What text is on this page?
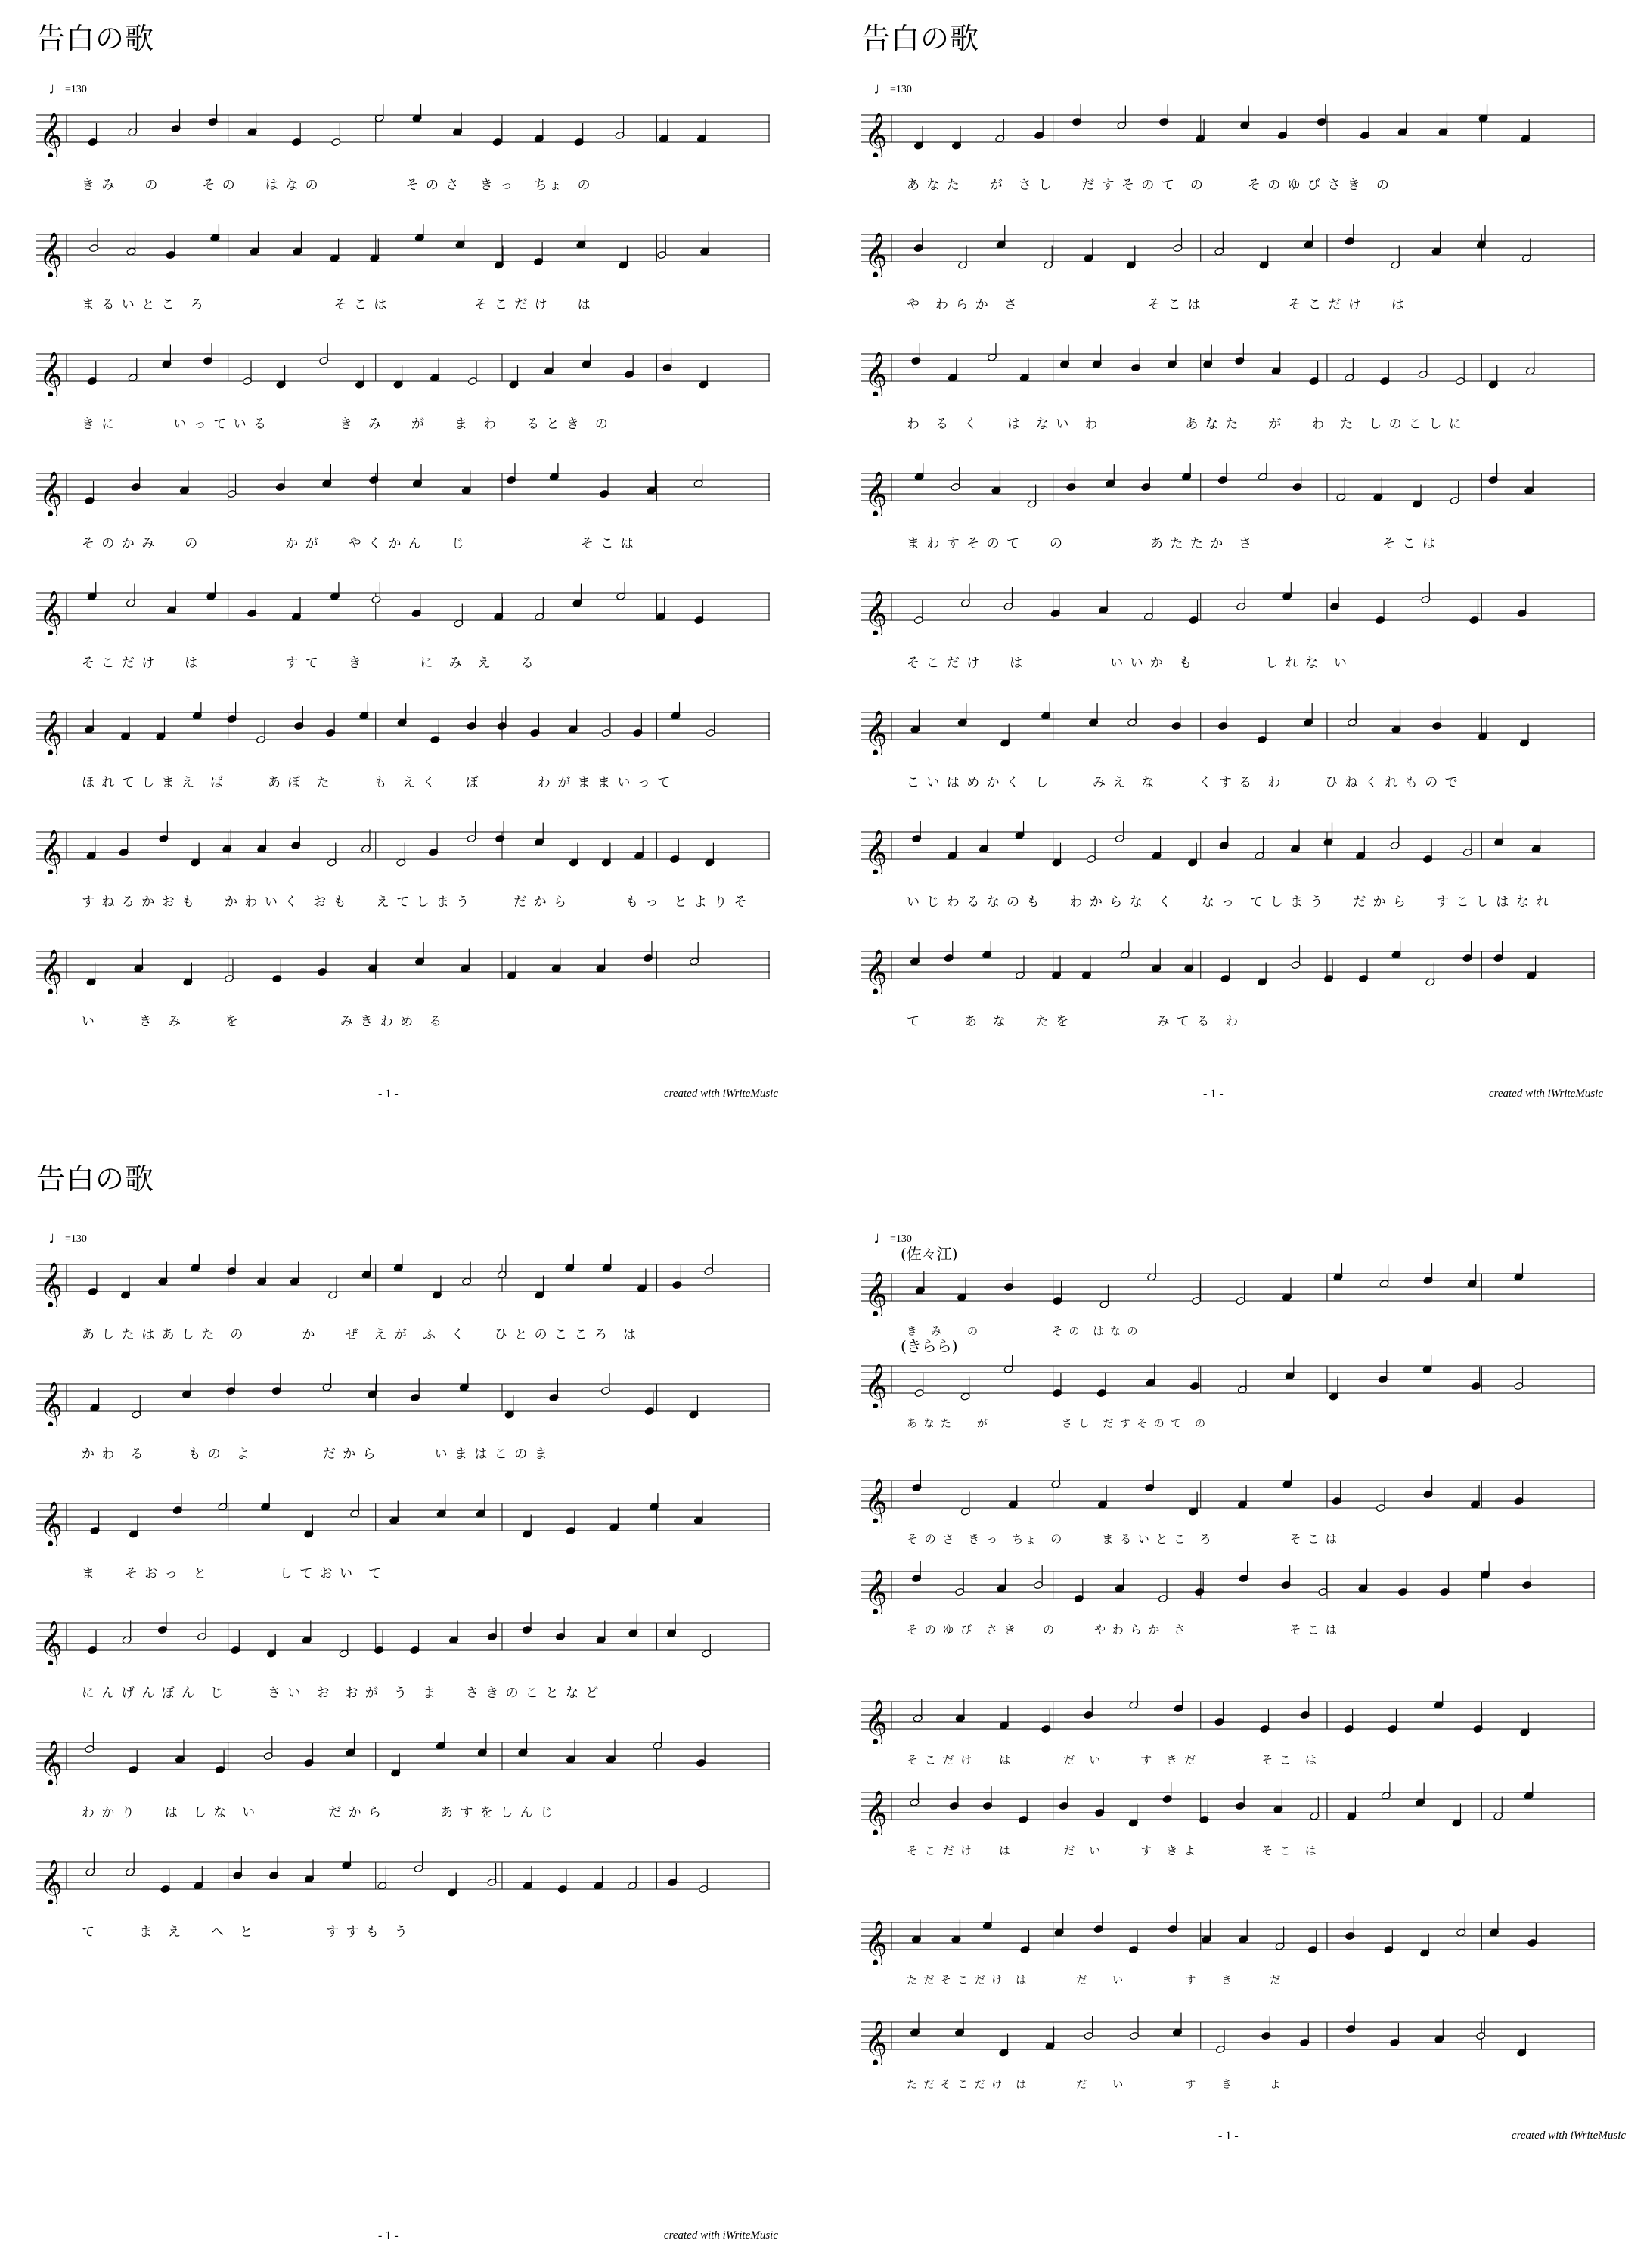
告白の歌
♩=130
𝄞
き み　　の　　　そ の　　は な の　　　　　　そ の さ　 き っ　 ちょ　の
𝄞
ま る い と こ　ろ　　　　　　　　　そ こ は　　　　　　そ こ だ け　　は
𝄞
き に　　　　い っ て い る　　　　　き　み　　が　　ま　わ　　る と き　の
𝄞
そ の か み　　の　　　　　　か が　　や く か ん　　じ　　　　　　　　そ こ は
𝄞
そ こ だ け　　は　　　　　　す て　　き　　　　に　み　え　　る
𝄞
ほ れ て し ま え　ば　　　あ ぼ　た　　　も　え く　　ぼ　　　　わ が ま ま い っ て
𝄞
す ね る か お も　　か わ い く　お も　　え て し ま う　　　だ か ら　　　　も っ　と よ り そ
𝄞
い　　　き　み　　　を　　　　　　　み き わ め　る
- 1 -	created with iWriteMusic
告白の歌
♩=130
𝄞
あ な た　　が　さ し　　だ す そ の て　の　　　そ の ゆ び さ き　の
𝄞
や　わ ら か　さ　　　　　　　　　そ こ は　　　　　　そ こ だ け　　は
𝄞
わ　る　く　　は　な い　わ　　　　　　あ な た　　が　　わ　た　し の こ し に
𝄞
ま わ す そ の て　　の　　　　　　あ た た か　さ　　　　　　　　　そ こ は
𝄞
そ こ だ け　　は　　　　　　い い か　も　　　　　し れ な　い
𝄞
こ い は め か く　し　　　み え　な　　　く す る　わ　　　ひ ね く れ も の で
𝄞
い じ わ る な の も　　わ か ら な　く　　な っ　て し ま う　　だ か ら　　す こ し は な れ
𝄞
て　　　あ　な　　た を　　　　　　み て る　わ
- 1 -	created with iWriteMusic
告白の歌
♩=130
𝄞
あ し た は あ し た　の　　　　か　　ぜ　え が　ふ　く　　ひ と の こ こ ろ　は
𝄞
か わ　る　　　も の　よ　　　　　だ か ら　　　　い ま は こ の ま
𝄞
ま　　そ お っ　と　　　　　し て お い　て
𝄞
に ん げ ん ぼ ん　じ　　　さ い　お　お が　う　ま　　さ き の こ と な ど
𝄞
わ か り　　は　し な　い　　　　　だ か ら　　　　あ す を し ん じ
𝄞
て　　　ま　え　　へ　と　　　　　す す も　う
- 1 -	created with iWriteMusic
♩=130
(佐々江)
𝄞
き　み　　の　　　　　　そ の　は な の
(きらら)
𝄞
あ な た　　が　　　　　　さ し　だ す そ の て　の
𝄞
そ の さ　き っ　ちょ　の　　　ま る い と こ　ろ　　　　　　そ こ は
𝄞
そ の ゆ び　さ き　　の　　　や わ ら か　さ　　　　　　　　そ こ は
𝄞
そ こ だ け　　は　　　　だ　い　　　す　き だ　　　　　そ こ　は
𝄞
そ こ だ け　　は　　　　だ　い　　　す　き よ　　　　　そ こ　は
𝄞
た だ そ こ だ け　は　　　　だ　　い　　　　　す　　き　　　だ
𝄞
た だ そ こ だ け　は　　　　だ　　い　　　　　す　　き　　　よ
- 1 -	created with iWriteMusic
